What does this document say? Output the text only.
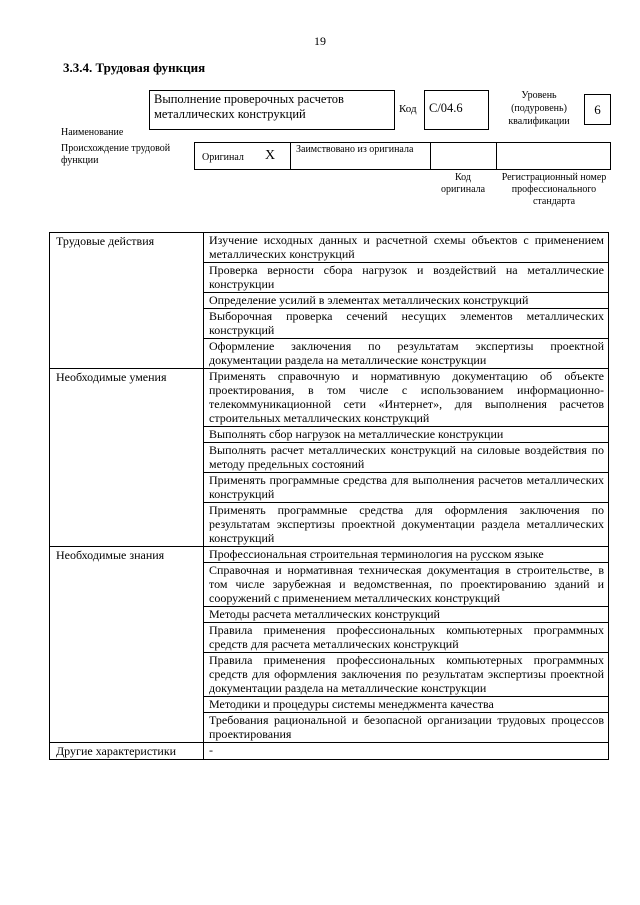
19
3.3.4. Трудовая функция
Наименование
Выполнение проверочных расчетов металлических конструкций	Код С/04.6
Уровень (подуровень) квалификации
6
Происхождение трудовой функции	Оригинал X	Заимствовано из оригинала
Код оригинала
Регистрационный номер профессионального стандарта
Трудовые действия	Изучение исходных данных и расчетной схемы объектов с применением металлических конструкций
	Проверка верности сбора нагрузок и воздействий на металлические конструкции
	Определение усилий в элементах металлических конструкций
	Выборочная проверка сечений несущих элементов металлических конструкций
	Оформление заключения по результатам экспертизы проектной документации раздела на металлические конструкции
Необходимые умения	Применять справочную и нормативную документацию об объекте проектирования, в том числе с использованием информационно-телекоммуникационной сети «Интернет», для выполнения расчетов строительных металлических конструкций
	Выполнять сбор нагрузок на металлические конструкции
	Выполнять расчет металлических конструкций на силовые воздействия по методу предельных состояний
	Применять программные средства для выполнения расчетов металлических конструкций
	Применять программные средства для оформления заключения по результатам экспертизы проектной документации раздела металлических конструкций
Необходимые знания	Профессиональная строительная терминология на русском языке
	Справочная и нормативная техническая документация в строительстве, в том числе зарубежная и ведомственная, по проектированию зданий и сооружений с применением металлических конструкций
	Методы расчета металлических конструкций
	Правила применения профессиональных компьютерных программных средств для расчета металлических конструкций
	Правила применения профессиональных компьютерных программных средств для оформления заключения по результатам экспертизы проектной документации раздела на металлические конструкции
	Методики и процедуры системы менеджмента качества
	Требования рациональной и безопасной организации трудовых процессов проектирования
Другие характеристики	-
